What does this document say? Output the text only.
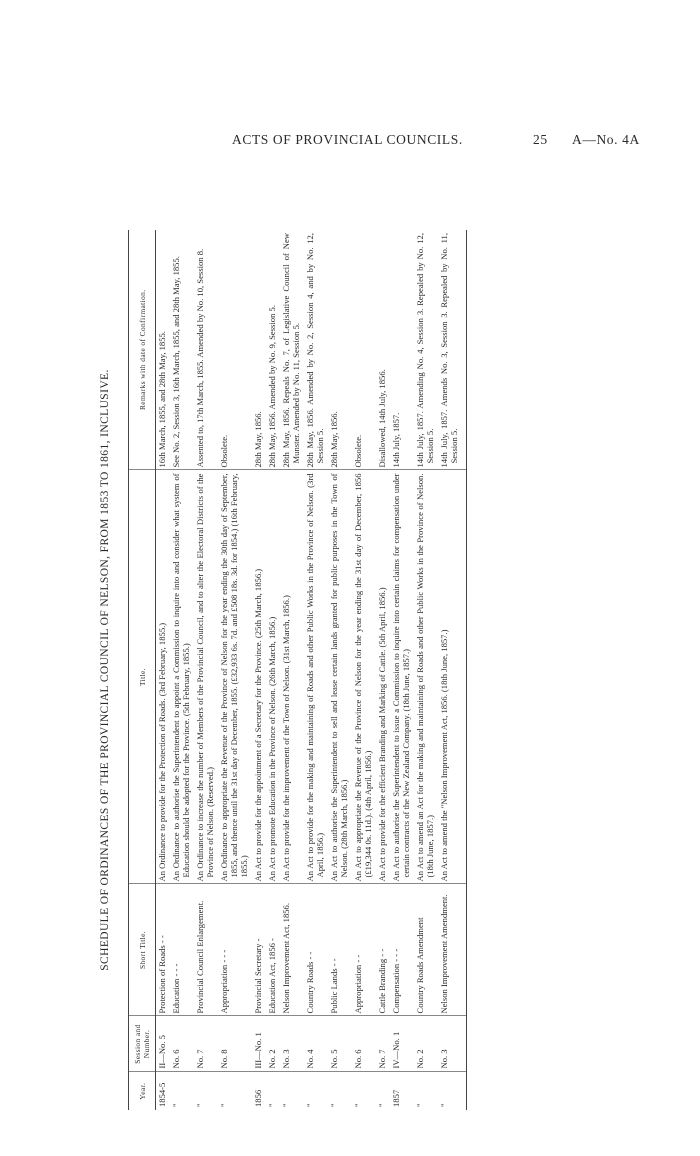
ACTS OF PROVINCIAL COUNCILS.	25 A—No. 4A
SCHEDULE OF ORDINANCES OF THE PROVINCIAL COUNCIL OF NELSON, FROM 1853 TO 1861, INCLUSIVE.
Year.	Session and Number.	Short Title.	Title.	Remarks with date of Confirmation.
1854-5	II—No. 5	Protection of Roads - -	An Ordinance to provide for the Protection of Roads. (3rd February, 1855.)	16th March, 1855, and 28th May, 1855.
"	No. 6	Education - - -	An Ordinance to authorise the Superintendent to appoint a Commission to inquire into and consider what system of Education should be adopted for the Province. (5th February, 1855.)	See No. 2, Session 3, 16th March, 1855, and 28th May, 1855.
"	No. 7	Provincial Council Enlargement.	An Ordinance to increase the number of Members of the Provincial Council, and to alter the Electoral Districts of the Province of Nelson. (Reserved.)	Assented to, 17th March, 1855. Amended by No. 10, Session 8.
"	No. 8	Appropriation - - -	An Ordinance to appropriate the Revenue of the Province of Nelson for the year ending the 30th day of September, 1855, and thence until the 31st day of December, 1855. (£32,933 6s. 7d. and £508 18s. 3d. for 1854.) (16th February, 1855.)	Obsolete.
1856	III—No. 1	Provincial Secretary -	An Act to provide for the appointment of a Secretary for the Province. (25th March, 1856.)	28th May, 1856.
"	No. 2	Education Act, 1856 -	An Act to promote Education in the Province of Nelson. (26th March, 1856.)	28th May, 1856. Amended by No. 9, Session 5.
"	No. 3	Nelson Improvement Act, 1856.	An Act to provide for the improvement of the Town of Nelson. (31st March, 1856.)	28th May, 1856. Repeals No. 7, of Legislative Council of New Munster. Amended by No. 11, Session 5.
"	No. 4	Country Roads - -	An Act to provide for the making and maintaining of Roads and other Public Works in the Province of Nelson. (3rd April, 1856.)	28th May, 1856. Amended by No. 2, Session 4, and by No. 12, Session 5.
"	No. 5	Public Lands - -	An Act to authorise the Superintendent to sell and lease certain lands granted for public purposes in the Town of Nelson. (28th March, 1856.)	28th May, 1856.
"	No. 6	Appropriation - -	An Act to appropriate the Revenue of the Province of Nelson for the year ending the 31st day of December, 1856 (£19,344 0s. 11d.). (4th April, 1856.)	Obsolete.
"	No. 7	Cattle Branding - -	An Act to provide for the efficient Branding and Marking of Cattle. (5th April, 1856.)	Disallowed, 14th July, 1856.
1857	IV—No. 1	Compensation - - -	An Act to authorise the Superintendent to issue a Commission to inquire into certain claims for compensation under certain contracts of the New Zealand Company. (18th June, 1857.)	14th July, 1857.
"	No. 2	Country Roads Amendment	An Act to amend an Act for the making and maintaining of Roads and other Public Works in the Province of Nelson. (18th June, 1857.)	14th July, 1857. Amending No. 4, Session 3. Repealed by No. 12, Session 5.
"	No. 3	Nelson Improvement Amendment.	An Act to amend the "Nelson Improvement Act, 1856. (18th June, 1857.)	14th July, 1857. Amends No. 3, Session 3. Repealed by No. 11, Session 5.
